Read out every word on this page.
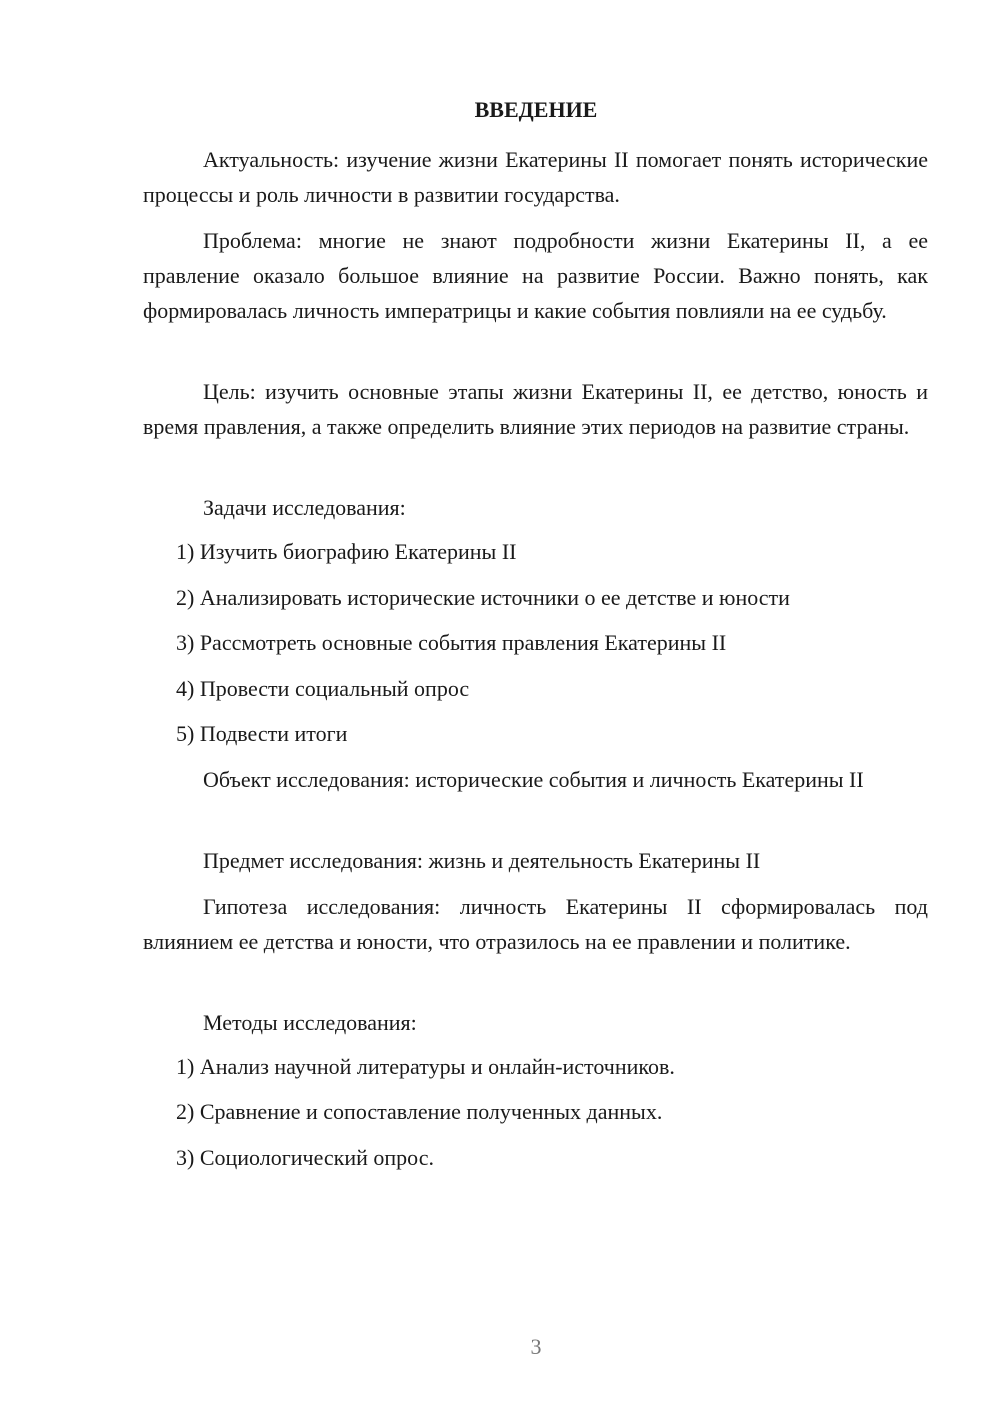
ВВЕДЕНИЕ

Актуальность: изучение жизни Екатерины II помогает понять исторические процессы и роль личности в развитии государства.

Проблема: многие не знают подробности жизни Екатерины II, а ее правление оказало большое влияние на развитие России. Важно понять, как формировалась личность императрицы и какие события повлияли на ее судьбу.

Цель: изучить основные этапы жизни Екатерины II, ее детство, юность и время правления, а также определить влияние этих периодов на развитие страны.

Задачи исследования:

1) Изучить биографию Екатерины II
2) Анализировать исторические источники о ее детстве и юности
3) Рассмотреть основные события правления Екатерины II
4) Провести социальный опрос
5) Подвести итоги

Объект исследования: исторические события и личность Екатерины II

Предмет исследования: жизнь и деятельность Екатерины II

Гипотеза исследования: личность Екатерины II сформировалась под влиянием ее детства и юности, что отразилось на ее правлении и политике.

Методы исследования:

1) Анализ научной литературы и онлайн-источников.
2) Сравнение и сопоставление полученных данных.
3) Социологический опрос.
3
